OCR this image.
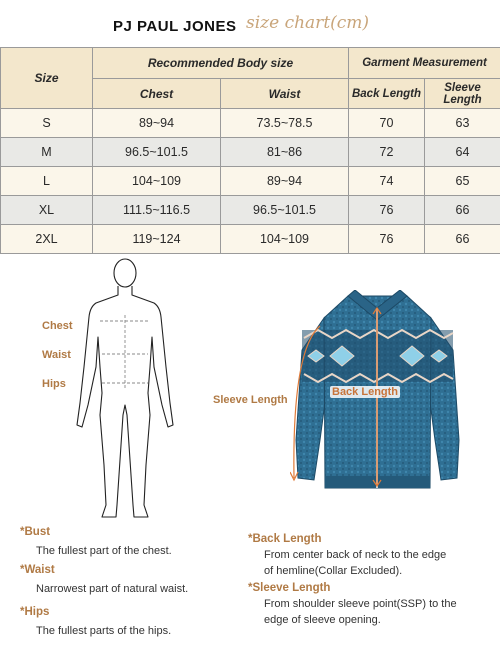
PJ PAUL JONES size chart(cm)
Size	Recommended Body size		Garment Measurement	
	Chest	Waist	Back Length	Sleeve Length
S	89~94	73.5~78.5	70	63
M	96.5~101.5	81~86	72	64
L	104~109	89~94	74	65
XL	111.5~116.5	96.5~101.5	76	66
2XL	119~124	104~109	76	66
Chest
Waist
Hips
Sleeve Length
Back Length
*Bust
The fullest part of the chest.
*Waist
Narrowest part of natural waist.
*Hips
The fullest parts of the hips.
*Back Length
From center back of neck to the edge
of hemline(Collar Excluded).
*Sleeve Length
From shoulder sleeve point(SSP) to the
edge of sleeve opening.
